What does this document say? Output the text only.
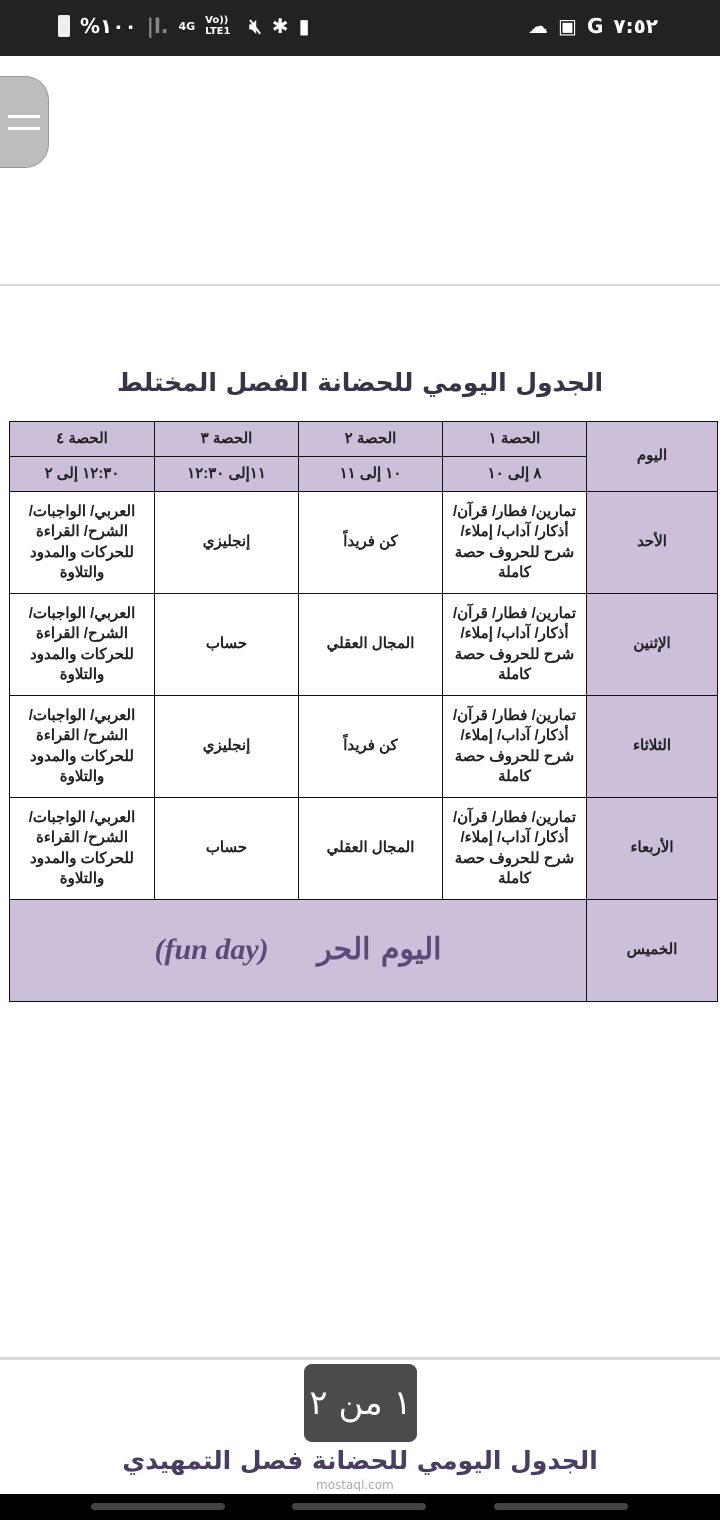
%١٠٠ |l. 4G Vo)) LTE1 🔇︎ ✱ ▮	☁ ▣ G ٧:٥٢
الجدول اليومي للحضانة الفصل المختلط
اليوم	الحصة ١	الحصة ٢	الحصة ٣	الحصة ٤
	٨ إلى ١٠	١٠ إلى ١١	١١إلى ١٢:٣٠	١٢:٣٠ إلى ٢
الأحد	تمارين/ فطار/ قرآن/ أذكار/ آداب/ إملاء/ شرح للحروف حصة كاملة	كن فريداً	إنجليزي	العربي/ الواجبات/ الشرح/ القراءة للحركات والمدود والتلاوة
الإثنين	تمارين/ فطار/ قرآن/ أذكار/ آداب/ إملاء/ شرح للحروف حصة كاملة	المجال العقلي	حساب	العربي/ الواجبات/ الشرح/ القراءة للحركات والمدود والتلاوة
الثلاثاء	تمارين/ فطار/ قرآن/ أذكار/ آداب/ إملاء/ شرح للحروف حصة كاملة	كن فريداً	إنجليزي	العربي/ الواجبات/ الشرح/ القراءة للحركات والمدود والتلاوة
الأربعاء	تمارين/ فطار/ قرآن/ أذكار/ آداب/ إملاء/ شرح للحروف حصة كاملة	المجال العقلي	حساب	العربي/ الواجبات/ الشرح/ القراءة للحركات والمدود والتلاوة
الخميس	اليوم الحر (fun day)			
١ من ٢
الجدول اليومي للحضانة فصل التمهيدي
mostaql.com
